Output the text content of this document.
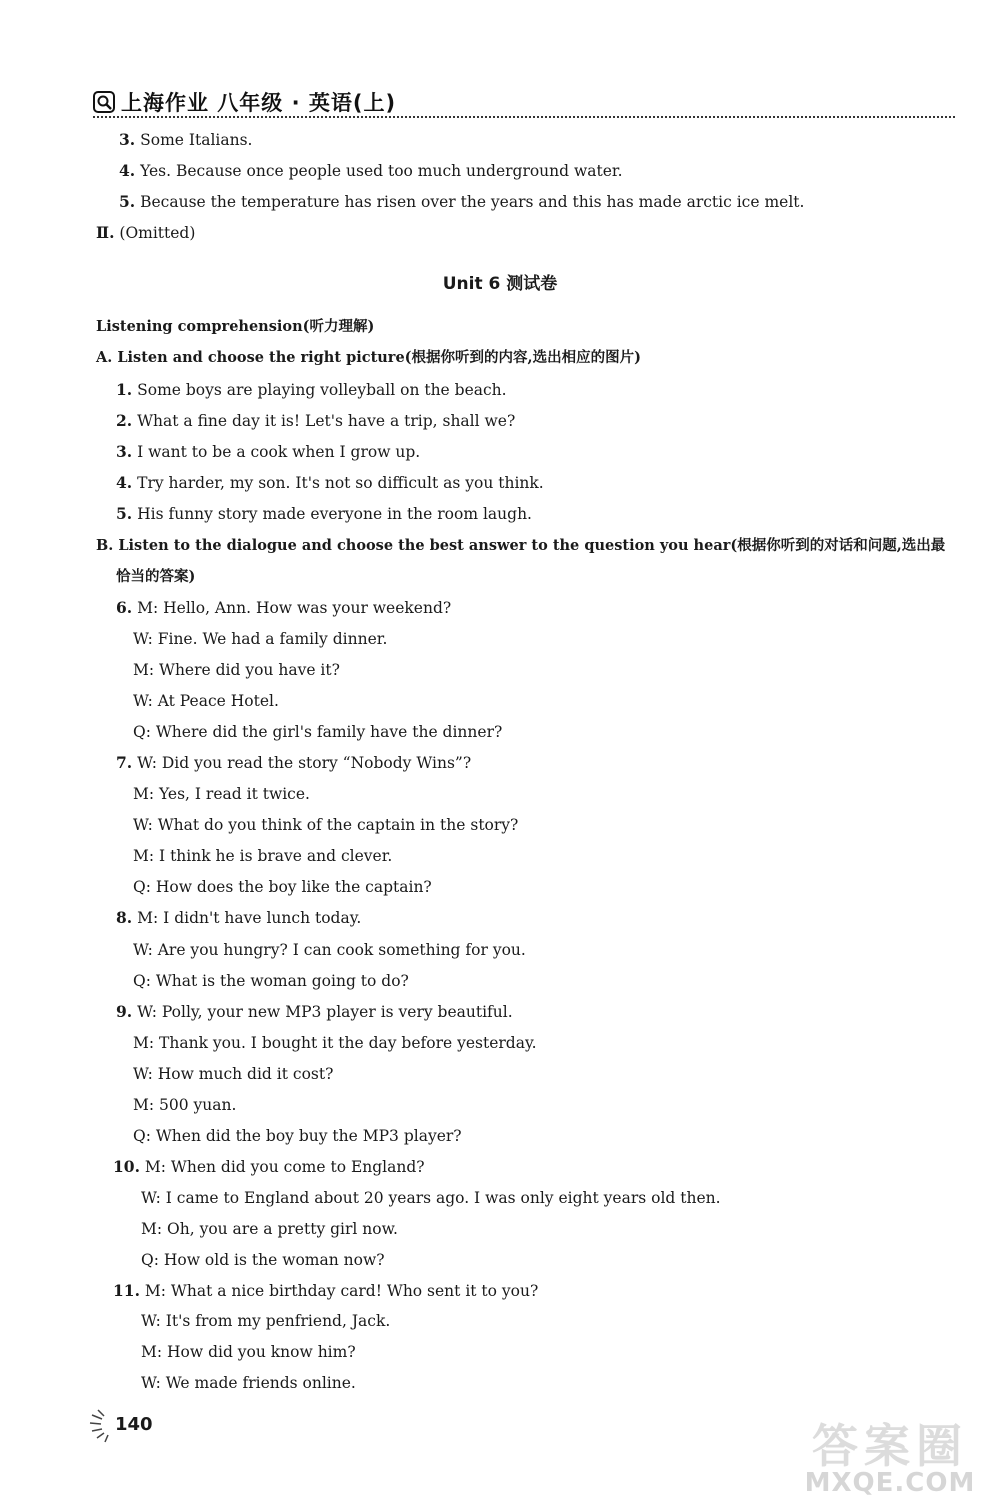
上海作业 八年级 · 英语(上)
3. Some Italians.
4. Yes. Because once people used too much underground water.
5. Because the temperature has risen over the years and this has made arctic ice melt.
Ⅱ. (Omitted)
Unit 6 测试卷
Listening comprehension(听力理解)
A. Listen and choose the right picture(根据你听到的内容,选出相应的图片)
1. Some boys are playing volleyball on the beach.
2. What a fine day it is! Let's have a trip, shall we?
3. I want to be a cook when I grow up.
4. Try harder, my son. It's not so difficult as you think.
5. His funny story made everyone in the room laugh.
B. Listen to the dialogue and choose the best answer to the question you hear(根据你听到的对话和问题,选出最
恰当的答案)
6. M: Hello, Ann. How was your weekend?
W: Fine. We had a family dinner.
M: Where did you have it?
W: At Peace Hotel.
Q: Where did the girl's family have the dinner?
7. W: Did you read the story “Nobody Wins”?
M: Yes, I read it twice.
W: What do you think of the captain in the story?
M: I think he is brave and clever.
Q: How does the boy like the captain?
8. M: I didn't have lunch today.
W: Are you hungry? I can cook something for you.
Q: What is the woman going to do?
9. W: Polly, your new MP3 player is very beautiful.
M: Thank you. I bought it the day before yesterday.
W: How much did it cost?
M: 500 yuan.
Q: When did the boy buy the MP3 player?
10. M: When did you come to England?
W: I came to England about 20 years ago. I was only eight years old then.
M: Oh, you are a pretty girl now.
Q: How old is the woman now?
11. M: What a nice birthday card! Who sent it to you?
W: It's from my penfriend, Jack.
M: How did you know him?
W: We made friends online.
140	答案圈
MXQE.COM
